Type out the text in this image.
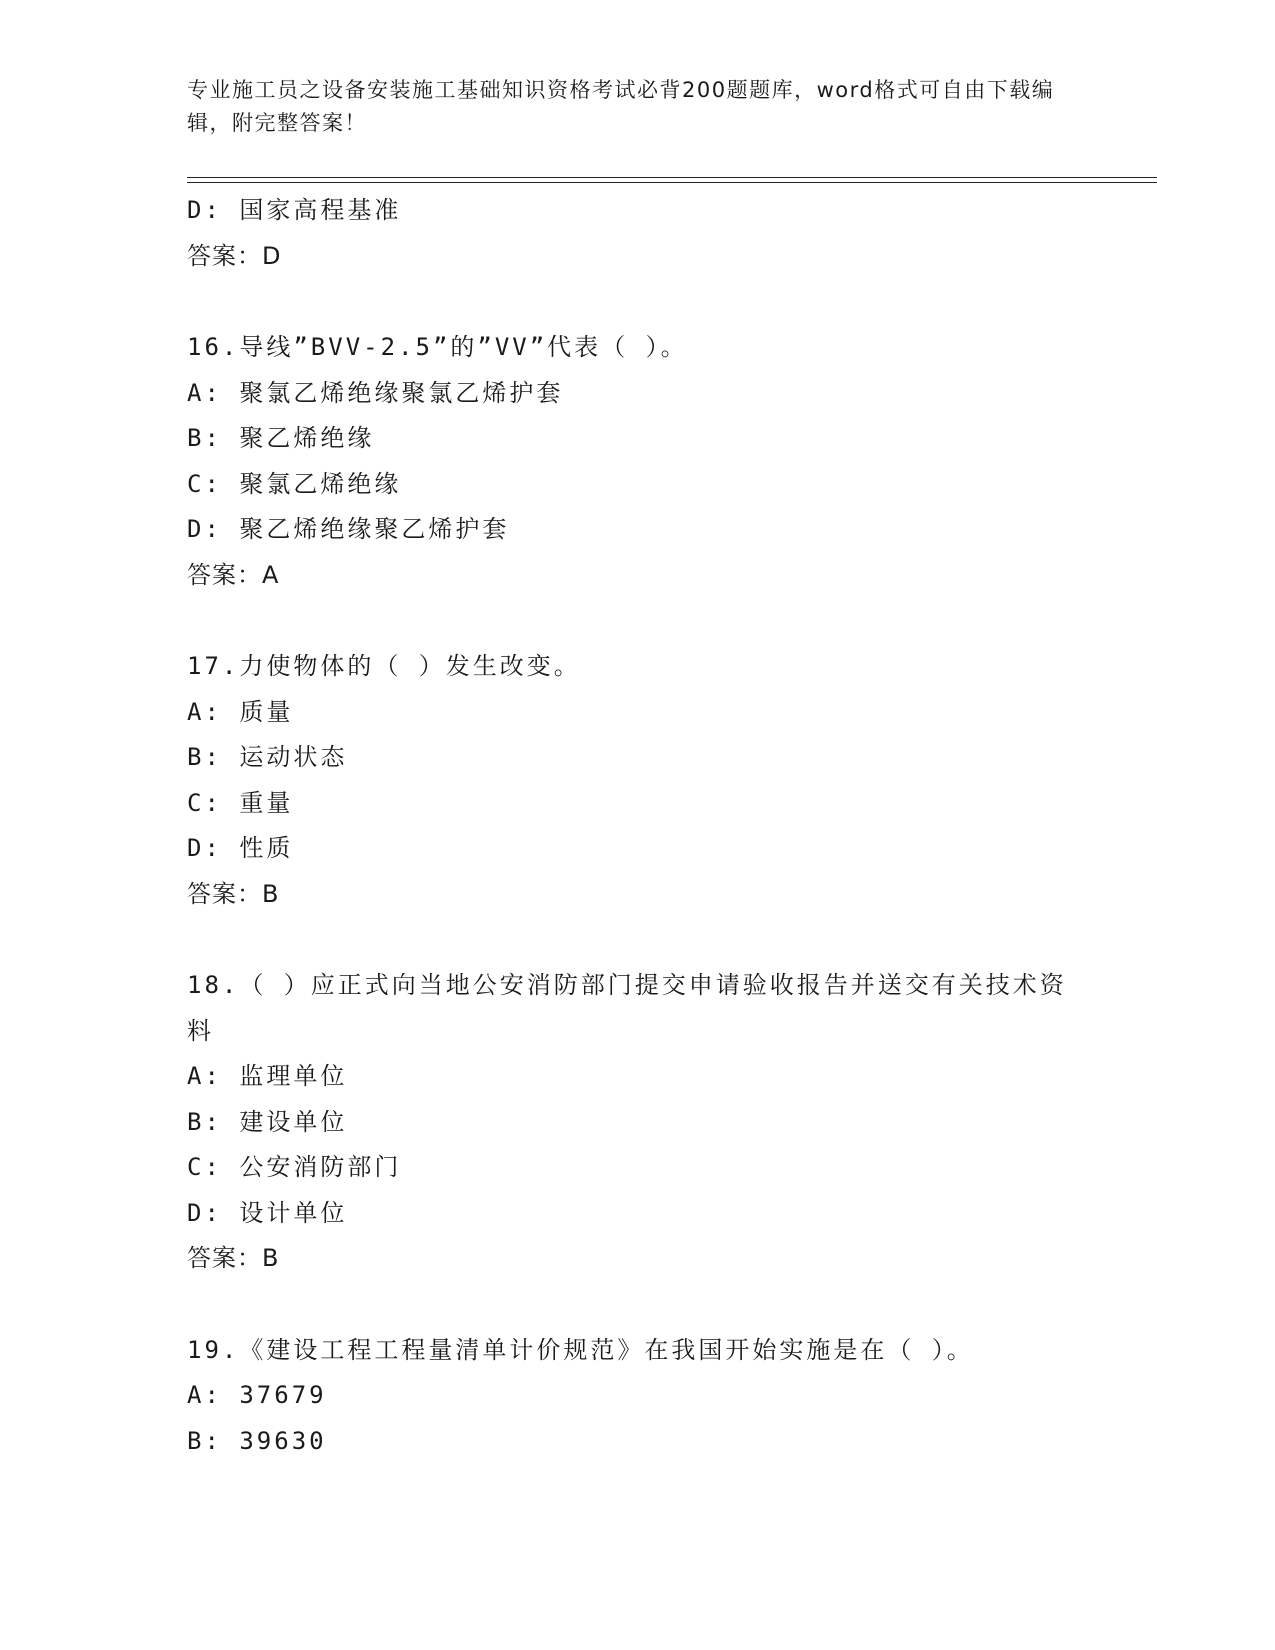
专业施工员之设备安装施工基础知识资格考试必背200题题库，word格式可自由下载编辑，附完整答案！
D: 国家高程基准
答案：D
16.导线”BVV-2.5”的”VV”代表（ ）。
A: 聚氯乙烯绝缘聚氯乙烯护套
B: 聚乙烯绝缘
C: 聚氯乙烯绝缘
D: 聚乙烯绝缘聚乙烯护套
答案：A
17.力使物体的（ ）发生改变。
A: 质量
B: 运动状态
C: 重量
D: 性质
答案：B
18.（ ）应正式向当地公安消防部门提交申请验收报告并送交有关技术资料
A: 监理单位
B: 建设单位
C: 公安消防部门
D: 设计单位
答案：B
19.《建设工程工程量清单计价规范》在我国开始实施是在（ ）。
A: 37679
B: 39630
